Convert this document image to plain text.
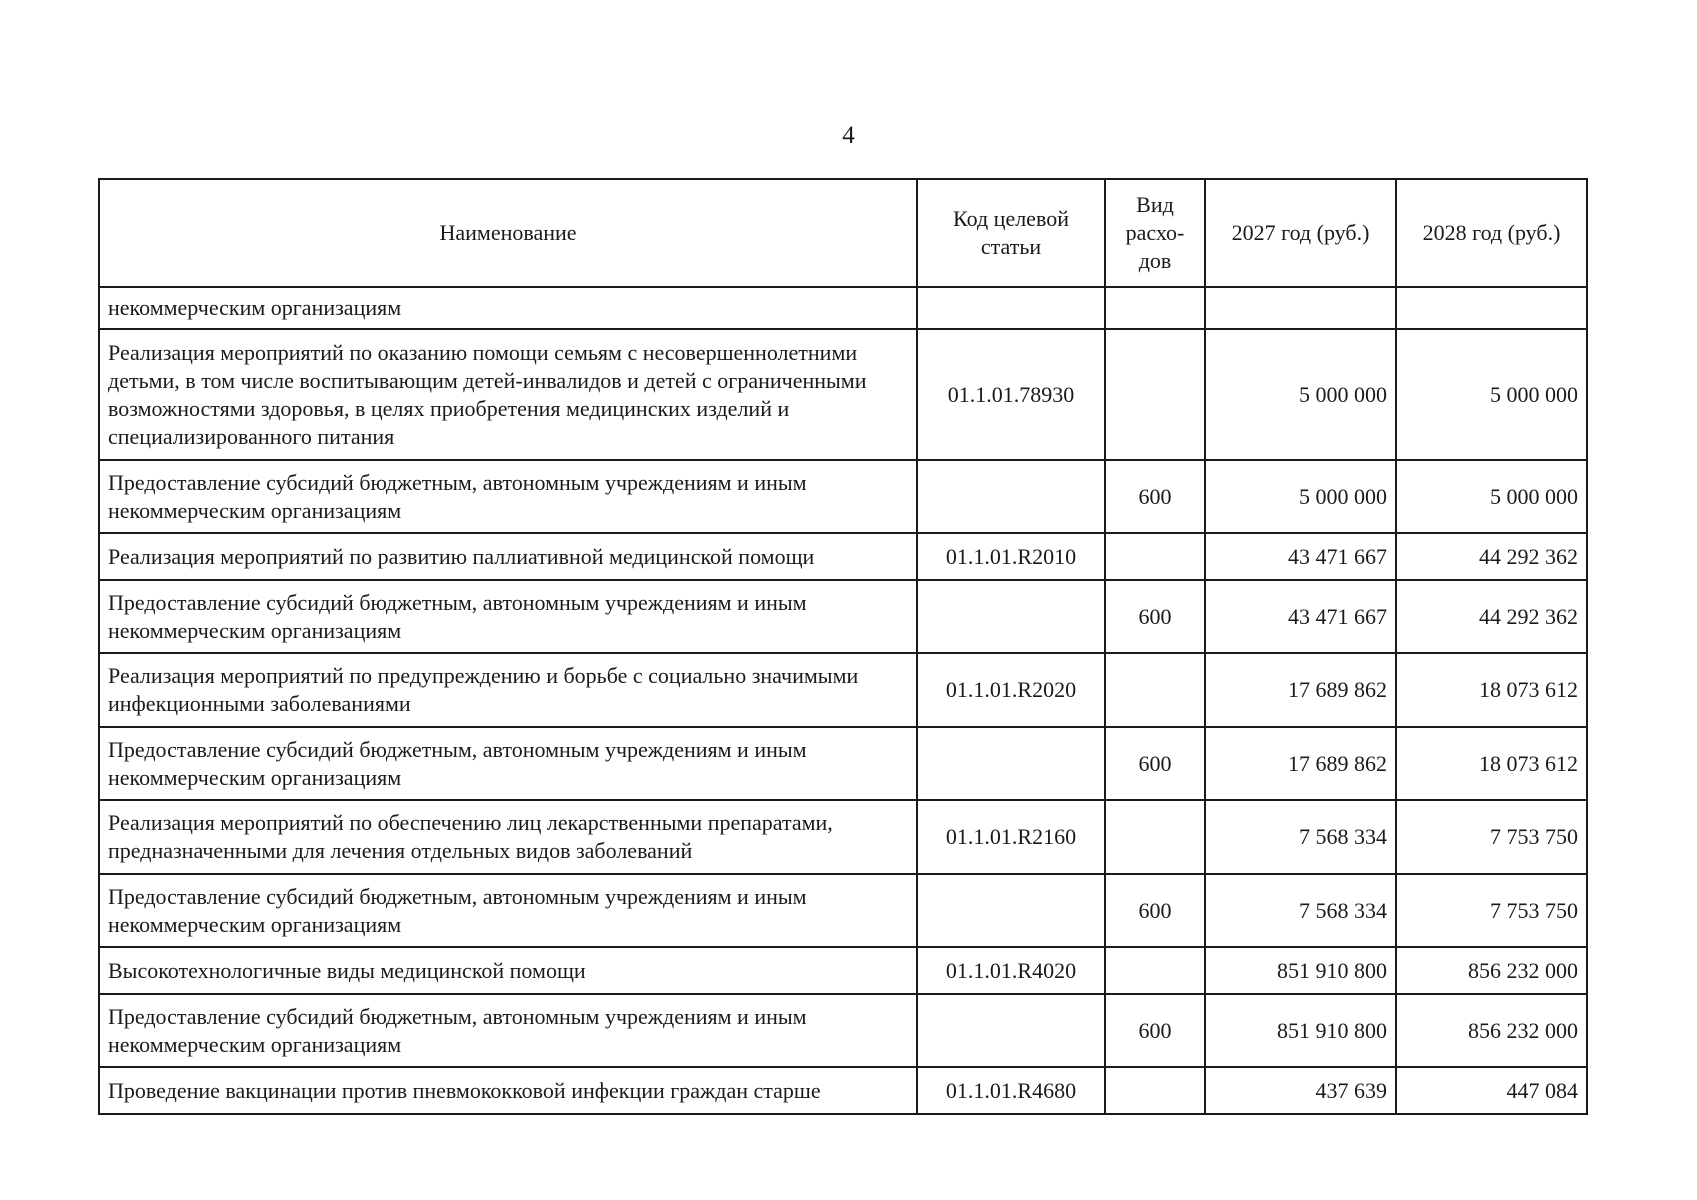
4
Наименование	Код целевой статьи	Вид расхо-дов	2027 год (руб.)	2028 год (руб.)
некоммерческим организациям				
Реализация мероприятий по оказанию помощи семьям с несовершеннолетними детьми, в том числе воспитывающим детей-инвалидов и детей с ограниченными возможностями здоровья, в целях приобретения медицинских изделий и специализированного питания	01.1.01.78930		5 000 000	5 000 000
Предоставление субсидий бюджетным, автономным учреждениям и иным некоммерческим организациям		600	5 000 000	5 000 000
Реализация мероприятий по развитию паллиативной медицинской помощи	01.1.01.R2010		43 471 667	44 292 362
Предоставление субсидий бюджетным, автономным учреждениям и иным некоммерческим организациям		600	43 471 667	44 292 362
Реализация мероприятий по предупреждению и борьбе с социально значимыми инфекционными заболеваниями	01.1.01.R2020		17 689 862	18 073 612
Предоставление субсидий бюджетным, автономным учреждениям и иным некоммерческим организациям		600	17 689 862	18 073 612
Реализация мероприятий по обеспечению лиц лекарственными препаратами, предназначенными для лечения отдельных видов заболеваний	01.1.01.R2160		7 568 334	7 753 750
Предоставление субсидий бюджетным, автономным учреждениям и иным некоммерческим организациям		600	7 568 334	7 753 750
Высокотехнологичные виды медицинской помощи	01.1.01.R4020		851 910 800	856 232 000
Предоставление субсидий бюджетным, автономным учреждениям и иным некоммерческим организациям		600	851 910 800	856 232 000
Проведение вакцинации против пневмококковой инфекции граждан старше	01.1.01.R4680		437 639	447 084
